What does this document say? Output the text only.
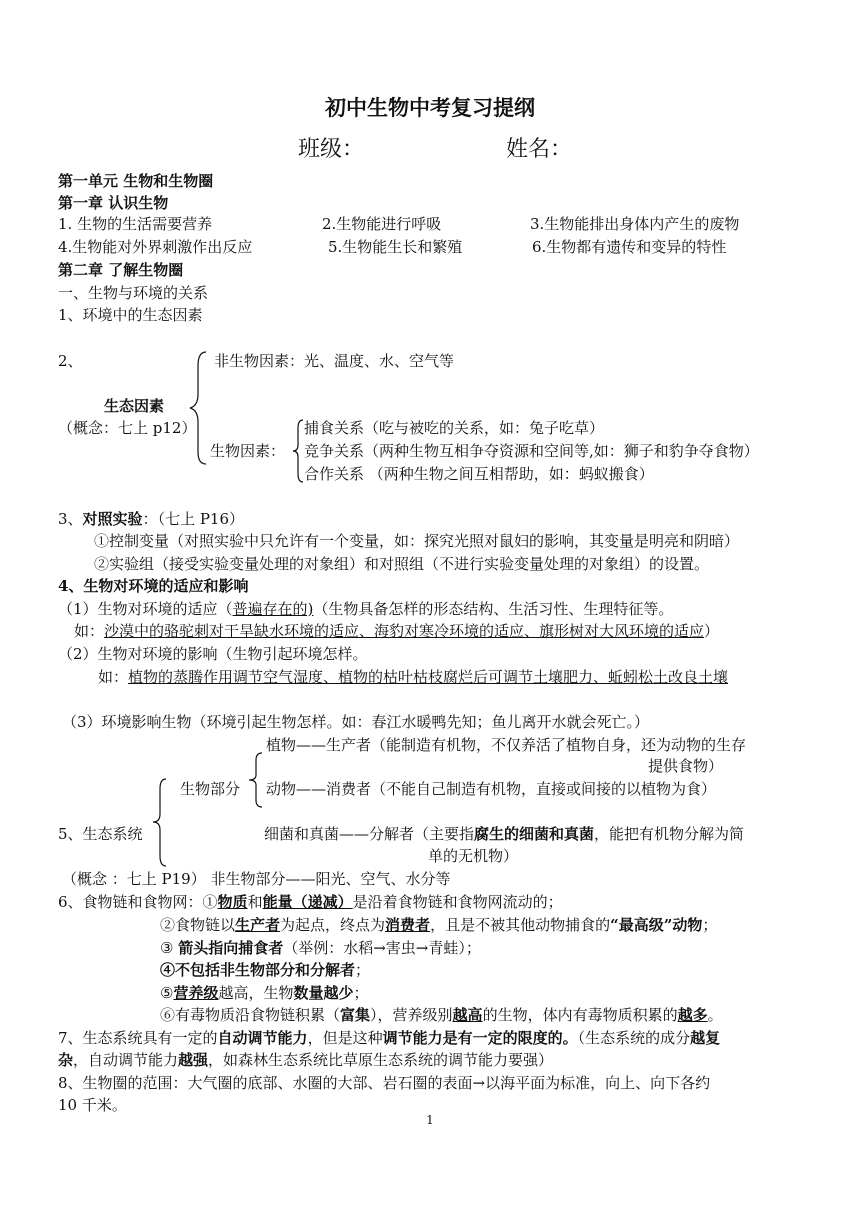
初中生物中考复习提纲
班级：	姓名：
第一单元 生物和生物圈
第一章 认识生物
1. 生物的生活需要营养	2.生物能进行呼吸	3.生物能排出身体内产生的废物
4.生物能对外界刺激作出反应	5.生物能生长和繁殖	6.生物都有遗传和变异的特性
第二章 了解生物圈
一、生物与环境的关系
1、环境中的生态因素
2、	非生物因素：光、温度、水、空气等
生态因素
（概念：七上 p12）
生物因素：
捕食关系（吃与被吃的关系，如：兔子吃草）
竞争关系（两种生物互相争夺资源和空间等,如：狮子和豹争夺食物）
合作关系 （两种生物之间互相帮助，如：蚂蚁搬食）
3、对照实验：（七上 P16）
①控制变量（对照实验中只允许有一个变量，如：探究光照对鼠妇的影响，其变量是明亮和阴暗）
②实验组（接受实验变量处理的对象组）和对照组（不进行实验变量处理的对象组）的设置。
4、生物对环境的适应和影响
（1）生物对环境的适应（普遍存在的)（生物具备怎样的形态结构、生活习性、生理特征等。
如：沙漠中的骆驼刺对干旱缺水环境的适应、海豹对寒冷环境的适应、旗形树对大风环境的适应）
（2）生物对环境的影响（生物引起环境怎样。
如：植物的蒸腾作用调节空气湿度、植物的枯叶枯枝腐烂后可调节土壤肥力、蚯蚓松土改良土壤
（3）环境影响生物（环境引起生物怎样。如：春江水暖鸭先知；鱼儿离开水就会死亡。）
植物——生产者（能制造有机物，不仅养活了植物自身，还为动物的生存
提供食物）
生物部分 动物——消费者（不能自己制造有机物，直接或间接的以植物为食）
5、生态系统	细菌和真菌——分解者（主要指腐生的细菌和真菌，能把有机物分解为简
单的无机物）
（概念 ：七上 P19） 非生物部分——阳光、空气、水分等
6、食物链和食物网：①物质和能量（递减）是沿着食物链和食物网流动的；
②食物链以生产者为起点，终点为消费者，且是不被其他动物捕食的“最高级”动物；
③ 箭头指向捕食者（举例：水稻→害虫→青蛙）；
④不包括非生物部分和分解者；
⑤营养级越高，生物数量越少；
⑥有毒物质沿食物链积累（富集），营养级别越高的生物，体内有毒物质积累的越多。
7、生态系统具有一定的自动调节能力，但是这种调节能力是有一定的限度的。（生态系统的成分越复
杂，自动调节能力越强，如森林生态系统比草原生态系统的调节能力要强）
8、生物圈的范围：大气圈的底部、水圈的大部、岩石圈的表面→以海平面为标准，向上、向下各约
10 千米。
1
